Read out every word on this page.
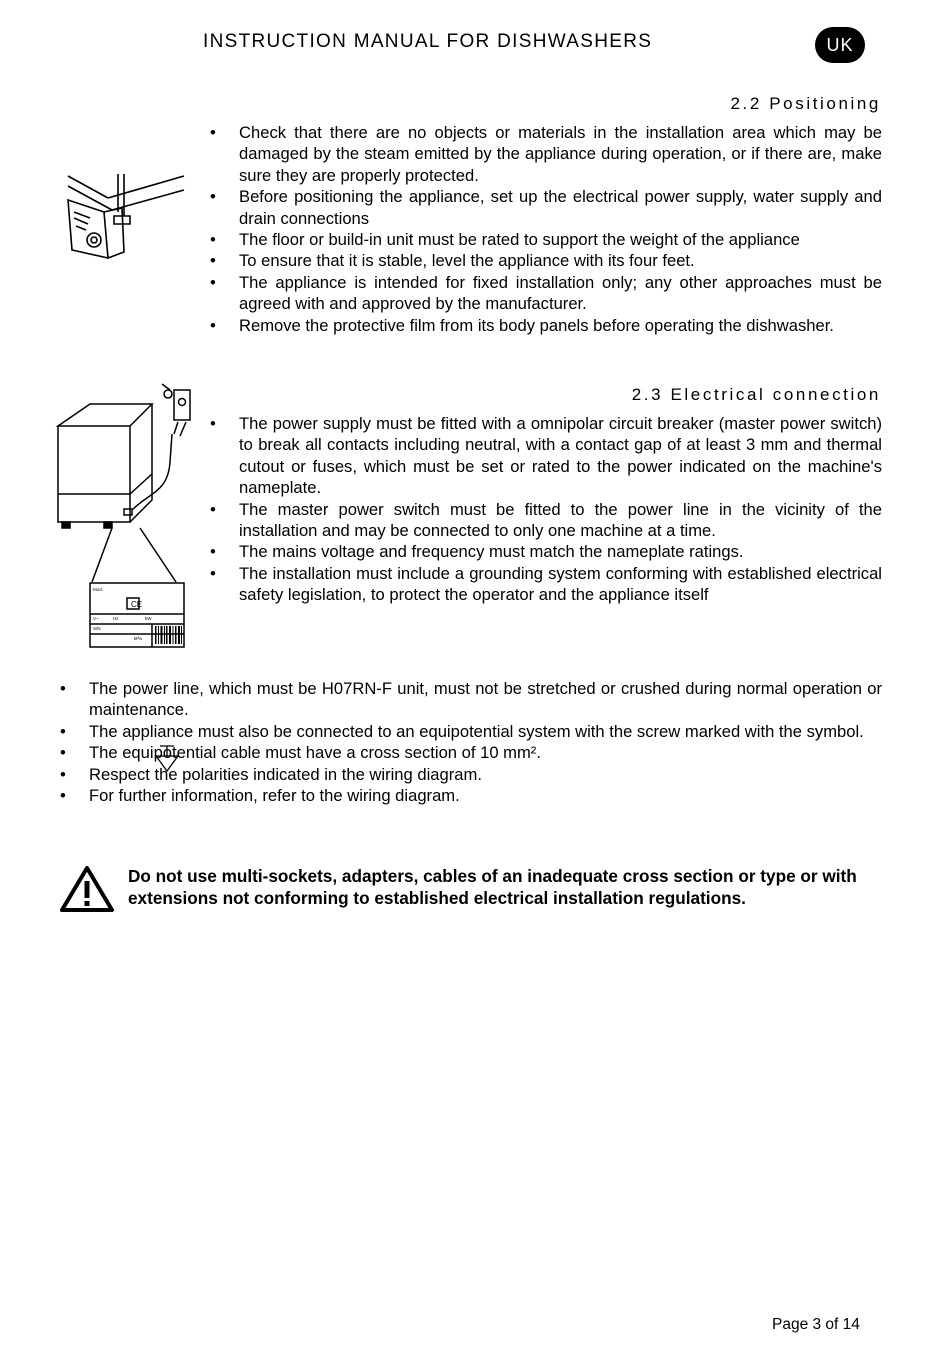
INSTRUCTION MANUAL FOR DISHWASHERS	UK
2.2 Positioning
• Check that there are no objects or materials in the installation area which may be damaged by the steam emitted by the appliance during operation, or if there are, make sure they are properly protected.
• Before positioning the appliance, set up the electrical power supply, water supply and drain connections
• The floor or build-in unit must be rated to support the weight of the appliance
• To ensure that it is stable, level the appliance with its four feet.
• The appliance is intended for fixed installation only; any other approaches must be agreed with and approved by the manufacturer.
• Remove the protective film from its body panels before operating the dishwasher.
CE
Mod.
V~	Hz	kW
S/N
kPa
2.3 Electrical connection
• The power supply must be fitted with a omnipolar circuit breaker (master power switch) to break all contacts including neutral, with a contact gap of at least 3 mm and thermal cutout or fuses, which must be set or rated to the power indicated on the machine's nameplate.
• The master power switch must be fitted to the power line in the vicinity of the installation and may be connected to only one machine at a time.
• The mains voltage and frequency must match the nameplate ratings.
• The installation must include a grounding system conforming with established electrical safety legislation, to protect the operator and the appliance itself
• The power line, which must be H07RN-F unit, must not be stretched or crushed during normal operation or maintenance.
• The appliance must also be connected to an equipotential system with the screw marked with the symbol.
• The equipotential cable must have a cross section of 10 mm².
• Respect the polarities indicated in the wiring diagram.
• For further information, refer to the wiring diagram.
Do not use multi-sockets, adapters, cables of an inadequate cross section or type or with extensions not conforming to established electrical installation regulations.
Page 3 of 14
